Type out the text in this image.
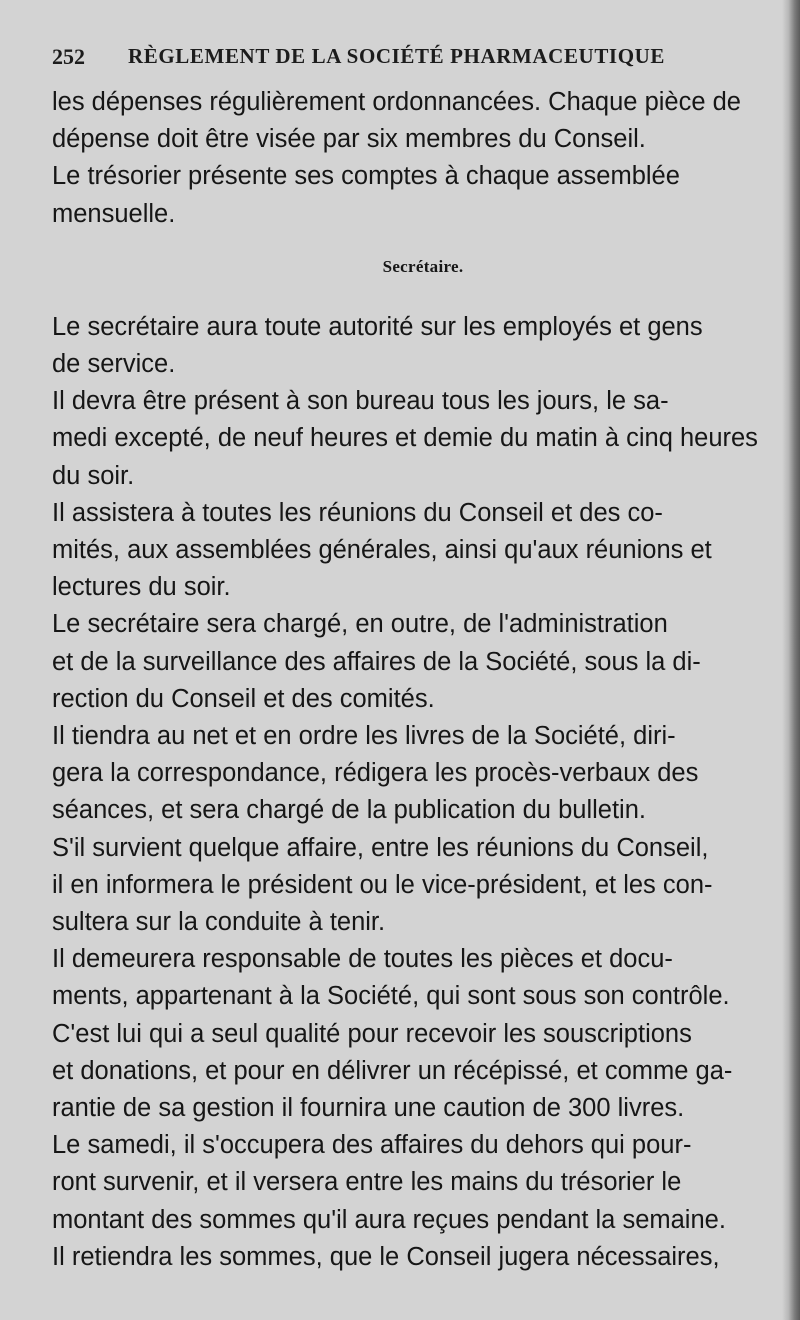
252 RÈGLEMENT DE LA SOCIÉTÉ PHARMACEUTIQUE
les dépenses régulièrement ordonnancées. Chaque pièce de
dépense doit être visée par six membres du Conseil.
Le trésorier présente ses comptes à chaque assemblée
mensuelle.
Secrétaire.
Le secrétaire aura toute autorité sur les employés et gens
de service.
Il devra être présent à son bureau tous les jours, le sa-
medi excepté, de neuf heures et demie du matin à cinq heures
du soir.
Il assistera à toutes les réunions du Conseil et des co-
mités, aux assemblées générales, ainsi qu'aux réunions et
lectures du soir.
Le secrétaire sera chargé, en outre, de l'administration
et de la surveillance des affaires de la Société, sous la di-
rection du Conseil et des comités.
Il tiendra au net et en ordre les livres de la Société, diri-
gera la correspondance, rédigera les procès-verbaux des
séances, et sera chargé de la publication du bulletin.
S'il survient quelque affaire, entre les réunions du Conseil,
il en informera le président ou le vice-président, et les con-
sultera sur la conduite à tenir.
Il demeurera responsable de toutes les pièces et docu-
ments, appartenant à la Société, qui sont sous son contrôle.
C'est lui qui a seul qualité pour recevoir les souscriptions
et donations, et pour en délivrer un récépissé, et comme ga-
rantie de sa gestion il fournira une caution de 300 livres.
Le samedi, il s'occupera des affaires du dehors qui pour-
ront survenir, et il versera entre les mains du trésorier le
montant des sommes qu'il aura reçues pendant la semaine.
Il retiendra les sommes, que le Conseil jugera nécessaires,
